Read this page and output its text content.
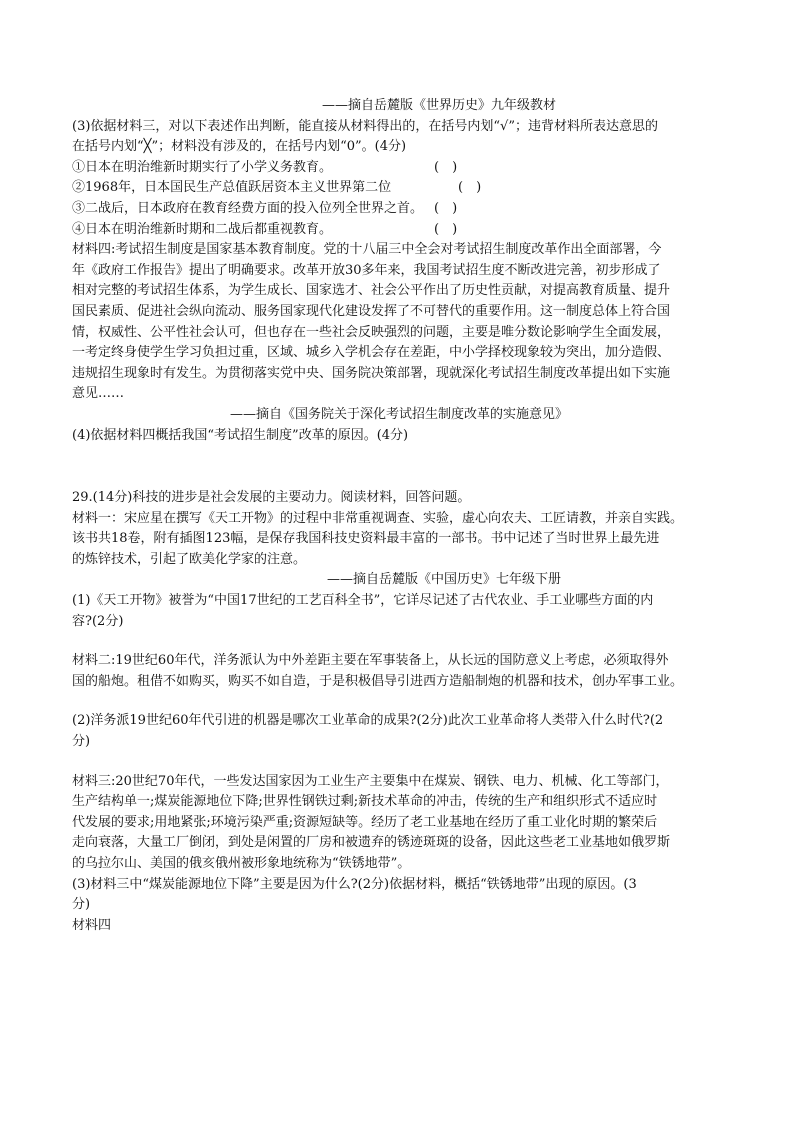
——摘自岳麓版《世界历史》九年级教材
(3)依据材料三，对以下表述作出判断，能直接从材料得出的，在括号内划“√”；违背材料所表达意思的
在括号内划“╳”；材料没有涉及的，在括号内划“0”。(4分)
①日本在明治维新时期实行了小学义务教育。	(　)
②1968年，日本国民生产总值跃居资本主义世界第二位	(　)
③二战后，日本政府在教育经费方面的投入位列全世界之首。 (　)
④日本在明治维新时期和二战后都重视教育。	(　)
材料四:考试招生制度是国家基本教育制度。党的十八届三中全会对考试招生制度改革作出全面部署，今
年《政府工作报告》提出了明确要求。改革开放30多年来，我国考试招生度不断改进完善，初步形成了
相对完整的考试招生体系，为学生成长、国家选才、社会公平作出了历史性贡献，对提高教育质量、提升
国民素质、促进社会纵向流动、服务国家现代化建设发挥了不可替代的重要作用。这一制度总体上符合国
情，权威性、公平性社会认可，但也存在一些社会反映强烈的问题，主要是唯分数论影响学生全面发展，
一考定终身使学生学习负担过重，区域、城乡入学机会存在差距，中小学择校现象较为突出，加分造假、
违规招生现象时有发生。为贯彻落实党中央、国务院决策部署，现就深化考试招生制度改革提出如下实施
意见……
——摘自《国务院关于深化考试招生制度改革的实施意见》
(4)依据材料四概括我国“考试招生制度”改革的原因。(4分)
29.(14分)科技的进步是社会发展的主要动力。阅读材料，回答问题。
材料一：宋应星在撰写《天工开物》的过程中非常重视调查、实验，虚心向农夫、工匠请教，并亲自实践。
该书共18卷，附有插图123幅，是保存我国科技史资料最丰富的一部书。书中记述了当时世界上最先进
的炼锌技术，引起了欧美化学家的注意。
——摘自岳麓版《中国历史》七年级下册
(1)《天工开物》被誉为“中国17世纪的工艺百科全书”，它详尽记述了古代农业、手工业哪些方面的内
容?(2分)
材料二:19世纪60年代，洋务派认为中外差距主要在军事装备上，从长远的国防意义上考虑，必须取得外
国的船炮。租借不如购买，购买不如自造，于是积极倡导引进西方造船制炮的机器和技术，创办军事工业。
(2)洋务派19世纪60年代引进的机器是哪次工业革命的成果?(2分)此次工业革命将人类带入什么时代?(2
分)
材料三:20世纪70年代，一些发达国家因为工业生产主要集中在煤炭、钢铁、电力、机械、化工等部门，
生产结构单一;煤炭能源地位下降;世界性钢铁过剩;新技术革命的冲击，传统的生产和组织形式不适应时
代发展的要求;用地紧张;环境污染严重;资源短缺等。经历了老工业基地在经历了重工业化时期的繁荣后
走向衰落，大量工厂倒闭，到处是闲置的厂房和被遗弃的锈迹斑斑的设备，因此这些老工业基地如俄罗斯
的乌拉尔山、美国的俄亥俄州被形象地统称为“铁锈地带”。
(3)材料三中“煤炭能源地位下降”主要是因为什么?(2分)依据材料，概括“铁锈地带”出现的原因。(3
分)
材料四
